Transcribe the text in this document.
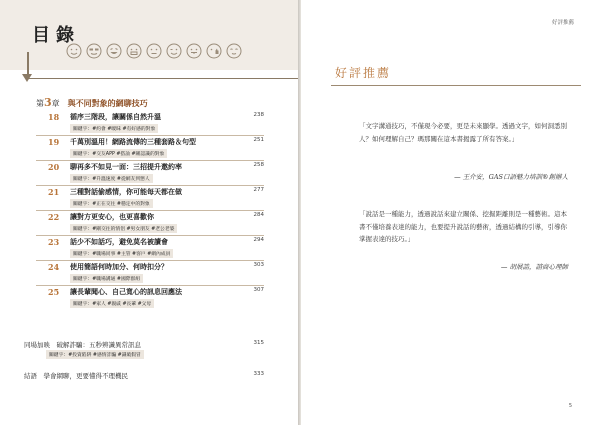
目錄
第3章 與不同對象的網聊技巧
18 循序三階段，讓關係自然升溫	238
關鍵字：#約會 #曖昧 #有好感的對象
19 千萬別溫用！網路流傳的三種套路＆句型	251
關鍵字：#交友APP #搭訕 #剛認識的對象
20 聊再多不如見一面：三招提升邀約率	258
關鍵字：#升溫速度 #從網友到戀人
21 三種對話偷感情，你可能每天都在做	277
關鍵字：#正在交往 #穩定中的對象
22 讓對方更安心，也更喜歡你	284
關鍵字：#剛交往的情侶 #男女朋友 #老公老婆
23 話少不如話巧，避免莫名被讀會	294
關鍵字：#職場同事 #主管 #客戶 #網內成員
24 使用簡語何時加分、何時扣分？	303
關鍵字：#職場溝通 #國際群組
25 讓長輩聞心、自己寬心的訊息回應法	307
關鍵字：#家人 #親戚 #長輩 #父母
同場加映　破解詐騙：五秒辨識異常訊息	315
關鍵字：#投資陷阱 #感情詐騙 #識破假冒
結語　學會網聊，更要懂得不理機民	333
好評推薦
好評推薦
「文字溝通技巧，不僅現今必要，更是未來顯學。透過文字，如何洞悉別人？如何理解自己？瑪那關在這本書揭露了所有答案。」
— 王介安，GAS口語魅力培訓®創辦人
「說話是一種能力，透過說話來建立關係、挖掘距離則是一種藝術。這本書不僅培養表達的能力，也要提升說話的藝術，透過結構的引導，引導你掌握表達的技巧。」
— 胡展誥，諮商心理師
5
